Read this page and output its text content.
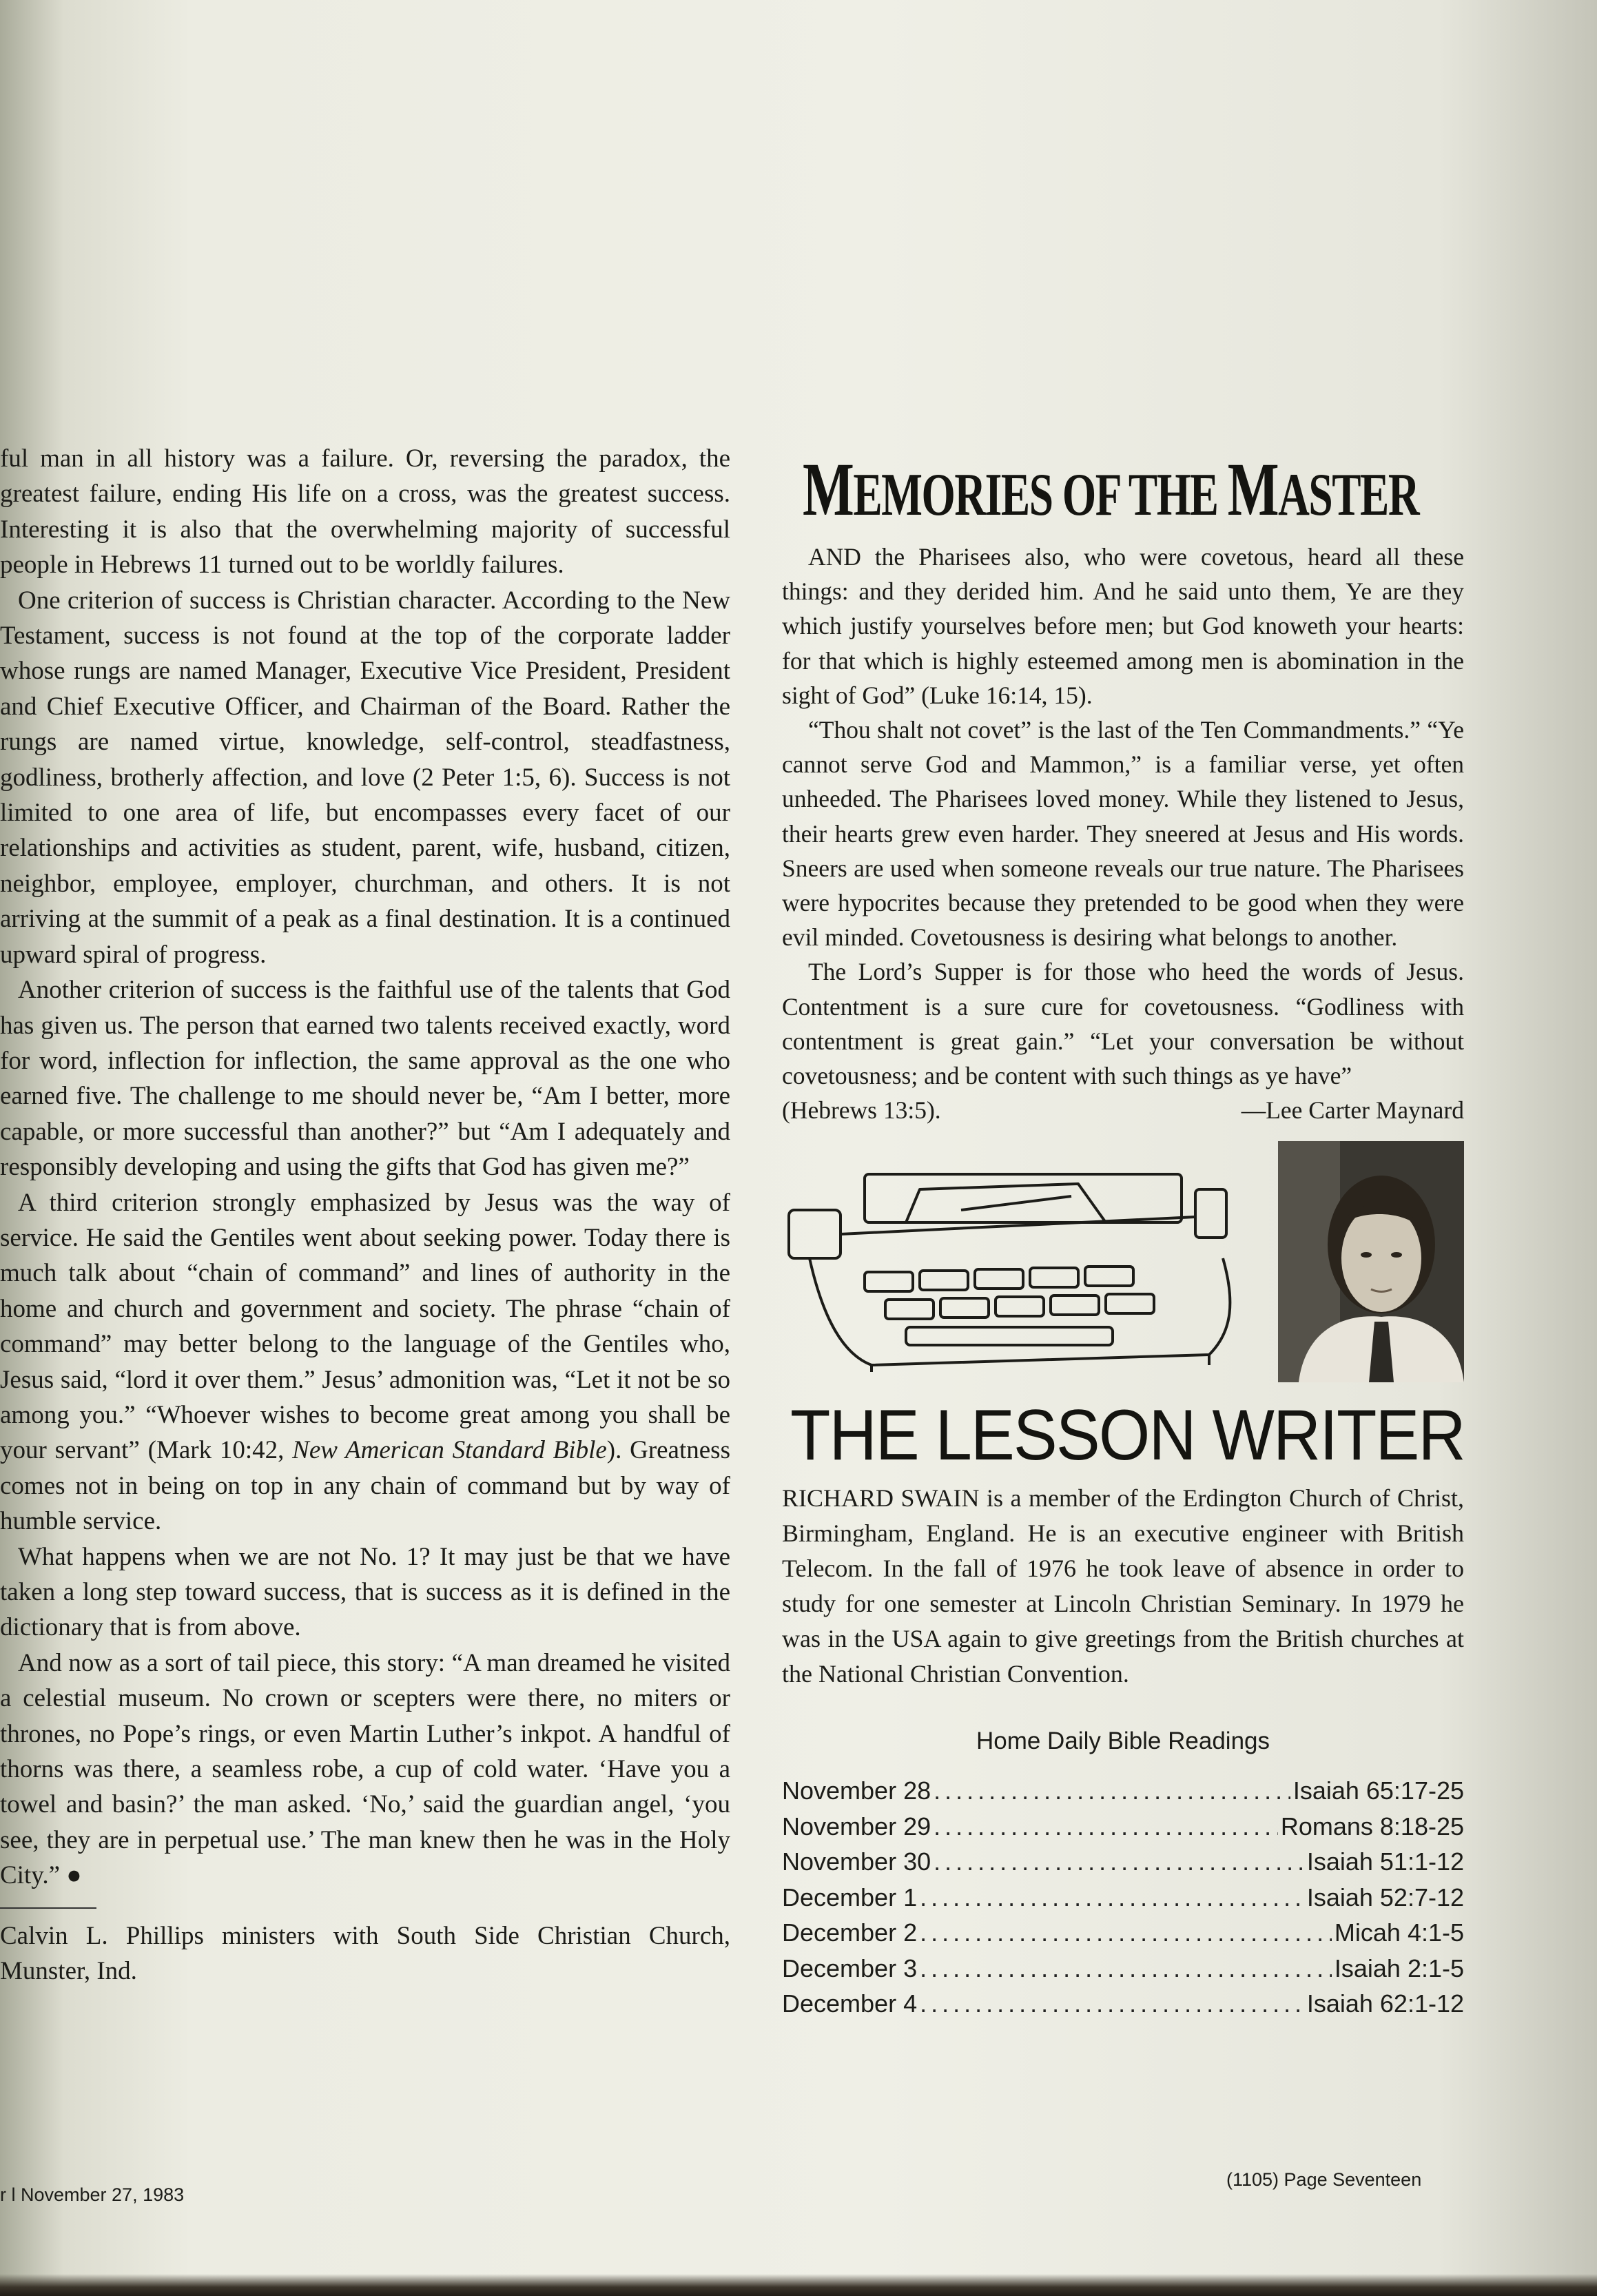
ful man in all history was a failure. Or, reversing the paradox, the greatest failure, ending His life on a cross, was the greatest success. Interesting it is also that the overwhelming majority of successful people in Hebrews 11 turned out to be worldly failures.

One criterion of success is Christian character. According to the New Testament, success is not found at the top of the corporate ladder whose rungs are named Manager, Executive Vice President, President and Chief Executive Officer, and Chairman of the Board. Rather the rungs are named virtue, knowledge, self-control, steadfastness, godliness, brotherly affection, and love (2 Peter 1:5, 6). Success is not limited to one area of life, but encompasses every facet of our relationships and activities as student, parent, wife, husband, citizen, neighbor, employee, employer, churchman, and others. It is not arriving at the summit of a peak as a final destination. It is a continued upward spiral of progress.

Another criterion of success is the faithful use of the talents that God has given us. The person that earned two talents received exactly, word for word, inflection for inflection, the same approval as the one who earned five. The challenge to me should never be, “Am I better, more capable, or more successful than another?” but “Am I adequately and responsibly developing and using the gifts that God has given me?”

A third criterion strongly emphasized by Jesus was the way of service. He said the Gentiles went about seeking power. Today there is much talk about “chain of command” and lines of authority in the home and church and government and society. The phrase “chain of command” may better belong to the language of the Gentiles who, Jesus said, “lord it over them.” Jesus’ admonition was, “Let it not be so among you.” “Whoever wishes to become great among you shall be your servant” (Mark 10:42, New American Standard Bible). Greatness comes not in being on top in any chain of command but by way of humble service.

What happens when we are not No. 1? It may just be that we have taken a long step toward success, that is success as it is defined in the dictionary that is from above.

And now as a sort of tail piece, this story: “A man dreamed he visited a celestial museum. No crown or scepters were there, no miters or thrones, no Pope’s rings, or even Martin Luther’s inkpot. A handful of thorns was there, a seamless robe, a cup of cold water. ‘Have you a towel and basin?’ the man asked. ‘No,’ said the guardian angel, ‘you see, they are in perpetual use.’ The man knew then he was in the Holy City.” ●

Calvin L. Phillips ministers with South Side Christian Church, Munster, Ind.

r l November 27, 1983
MEMORIES OF THE MASTER

AND the Pharisees also, who were covetous, heard all these things: and they derided him. And he said unto them, Ye are they which justify yourselves before men; but God knoweth your hearts: for that which is highly esteemed among men is abomination in the sight of God” (Luke 16:14, 15).

“Thou shalt not covet” is the last of the Ten Commandments.” “Ye cannot serve God and Mammon,” is a familiar verse, yet often unheeded. The Pharisees loved money. While they listened to Jesus, their hearts grew even harder. They sneered at Jesus and His words. Sneers are used when someone reveals our true nature. The Pharisees were hypocrites because they pretended to be good when they were evil minded. Covetousness is desiring what belongs to another.

The Lord’s Supper is for those who heed the words of Jesus. Contentment is a sure cure for covetousness. “Godliness with contentment is great gain.” “Let your conversation be without covetousness; and be content with such things as ye have”

(Hebrews 13:5).	—Lee Carter Maynard
THE LESSON WRITER

RICHARD SWAIN is a member of the Erdington Church of Christ, Birmingham, England. He is an executive engineer with British Telecom. In the fall of 1976 he took leave of absence in order to study for one semester at Lincoln Christian Seminary. In 1979 he was in the USA again to give greetings from the British churches at the National Christian Convention.

Home Daily Bible Readings
November 28 .....	Isaiah 65:17-25
November 29 .....	Romans 8:18-25
November 30 .....	Isaiah 51:1-12
December 1 .....	Isaiah 52:7-12
December 2 .....	Micah 4:1-5
December 3 .....	Isaiah 2:1-5
December 4 .....	Isaiah 62:1-12
(1105) Page Seventeen
